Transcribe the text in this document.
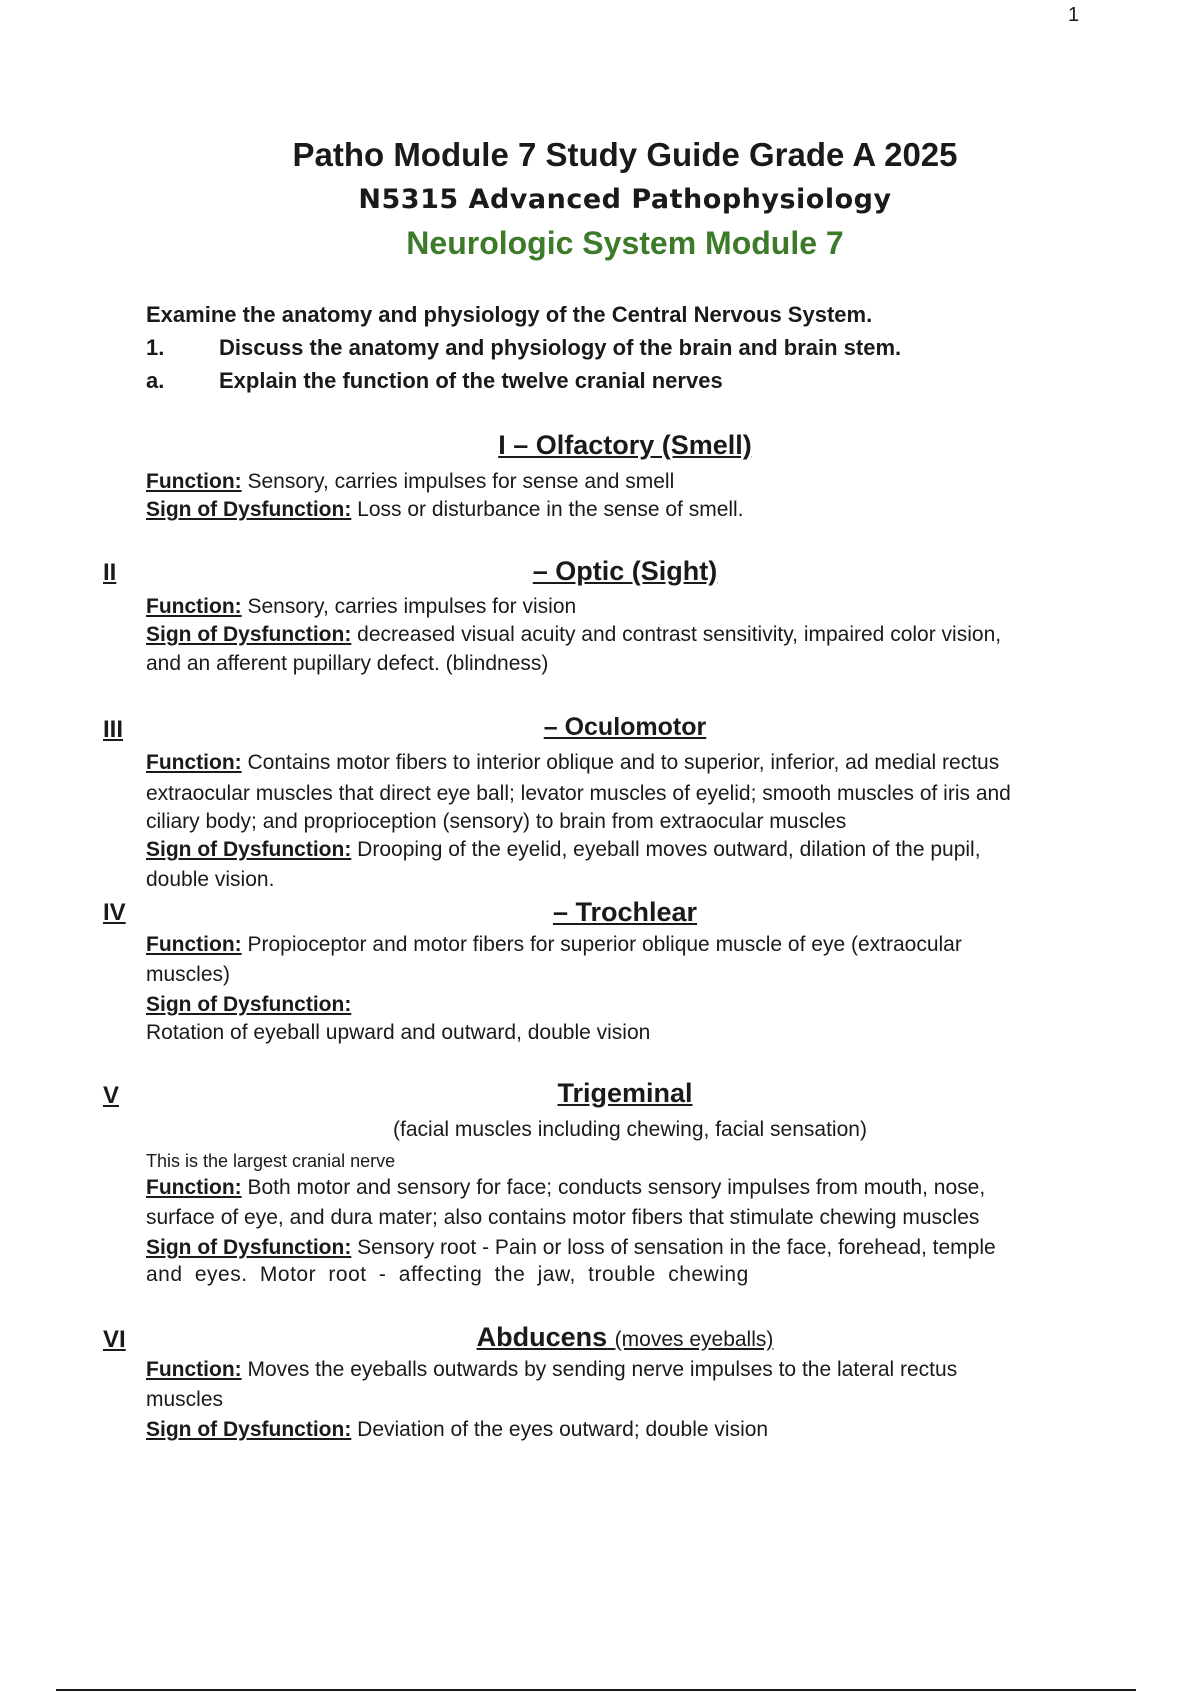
1
Patho Module 7 Study Guide Grade A 2025
N5315 Advanced Pathophysiology
Neurologic System Module 7
Examine the anatomy and physiology of the Central Nervous System.
1. Discuss the anatomy and physiology of the brain and brain stem.
a. Explain the function of the twelve cranial nerves
I – Olfactory (Smell)
Function: Sensory, carries impulses for sense and smell
Sign of Dysfunction: Loss or disturbance in the sense of smell.
II	– Optic (Sight)
Function: Sensory, carries impulses for vision
Sign of Dysfunction: decreased visual acuity and contrast sensitivity, impaired color vision,
and an afferent pupillary defect. (blindness)
III	– Oculomotor
Function: Contains motor fibers to interior oblique and to superior, inferior, ad medial rectus
extraocular muscles that direct eye ball; levator muscles of eyelid; smooth muscles of iris and
ciliary body; and proprioception (sensory) to brain from extraocular muscles
Sign of Dysfunction: Drooping of the eyelid, eyeball moves outward, dilation of the pupil,
double vision.
IV	– Trochlear
Function: Propioceptor and motor fibers for superior oblique muscle of eye (extraocular
muscles)
Sign of Dysfunction:
Rotation of eyeball upward and outward, double vision
V	Trigeminal
(facial muscles including chewing, facial sensation)
This is the largest cranial nerve
Function: Both motor and sensory for face; conducts sensory impulses from mouth, nose,
surface of eye, and dura mater; also contains motor fibers that stimulate chewing muscles
Sign of Dysfunction: Sensory root - Pain or loss of sensation in the face, forehead, temple
and eyes. Motor root - affecting the jaw, trouble chewing
VI	Abducens (moves eyeballs)
Function: Moves the eyeballs outwards by sending nerve impulses to the lateral rectus
muscles
Sign of Dysfunction: Deviation of the eyes outward; double vision
